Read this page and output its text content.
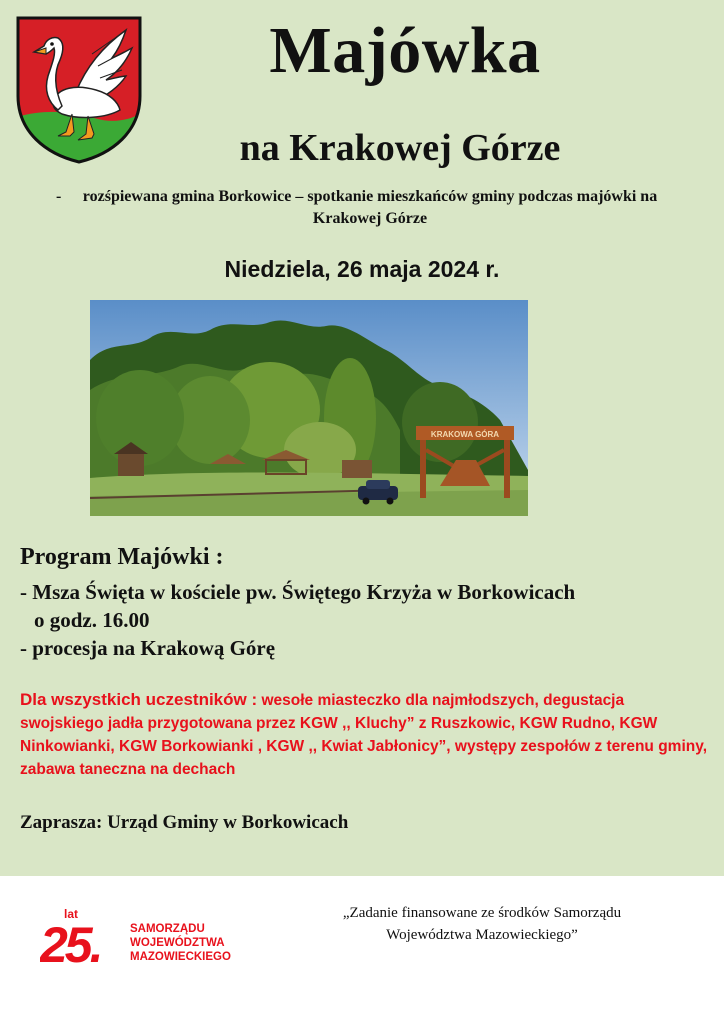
Majówka
na Krakowej Górze
- rozśpiewana gmina Borkowice – spotkanie mieszkańców gminy podczas majówki na Krakowej Górze
Niedziela, 26 maja 2024 r.
KRAKOWA GÓRA
Program Majówki :
- Msza Święta w kościele pw. Świętego Krzyża w Borkowicach
o godz. 16.00
- procesja na Krakową Górę
Dla wszystkich uczestników : wesołe miasteczko dla najmłodszych, degustacja swojskiego jadła przygotowana przez KGW ,, Kluchy” z Ruszkowic, KGW Rudno, KGW Ninkowianki, KGW Borkowianki , KGW ,, Kwiat Jabłonicy”, występy zespołów z terenu gminy, zabawa taneczna na dechach
Zaprasza: Urząd Gminy w Borkowicach
lat
25.	SAMORZĄDU
WOJEWÓDZTWA
MAZOWIECKIEGO
„Zadanie finansowane ze środków Samorządu
Województwa Mazowieckiego”
